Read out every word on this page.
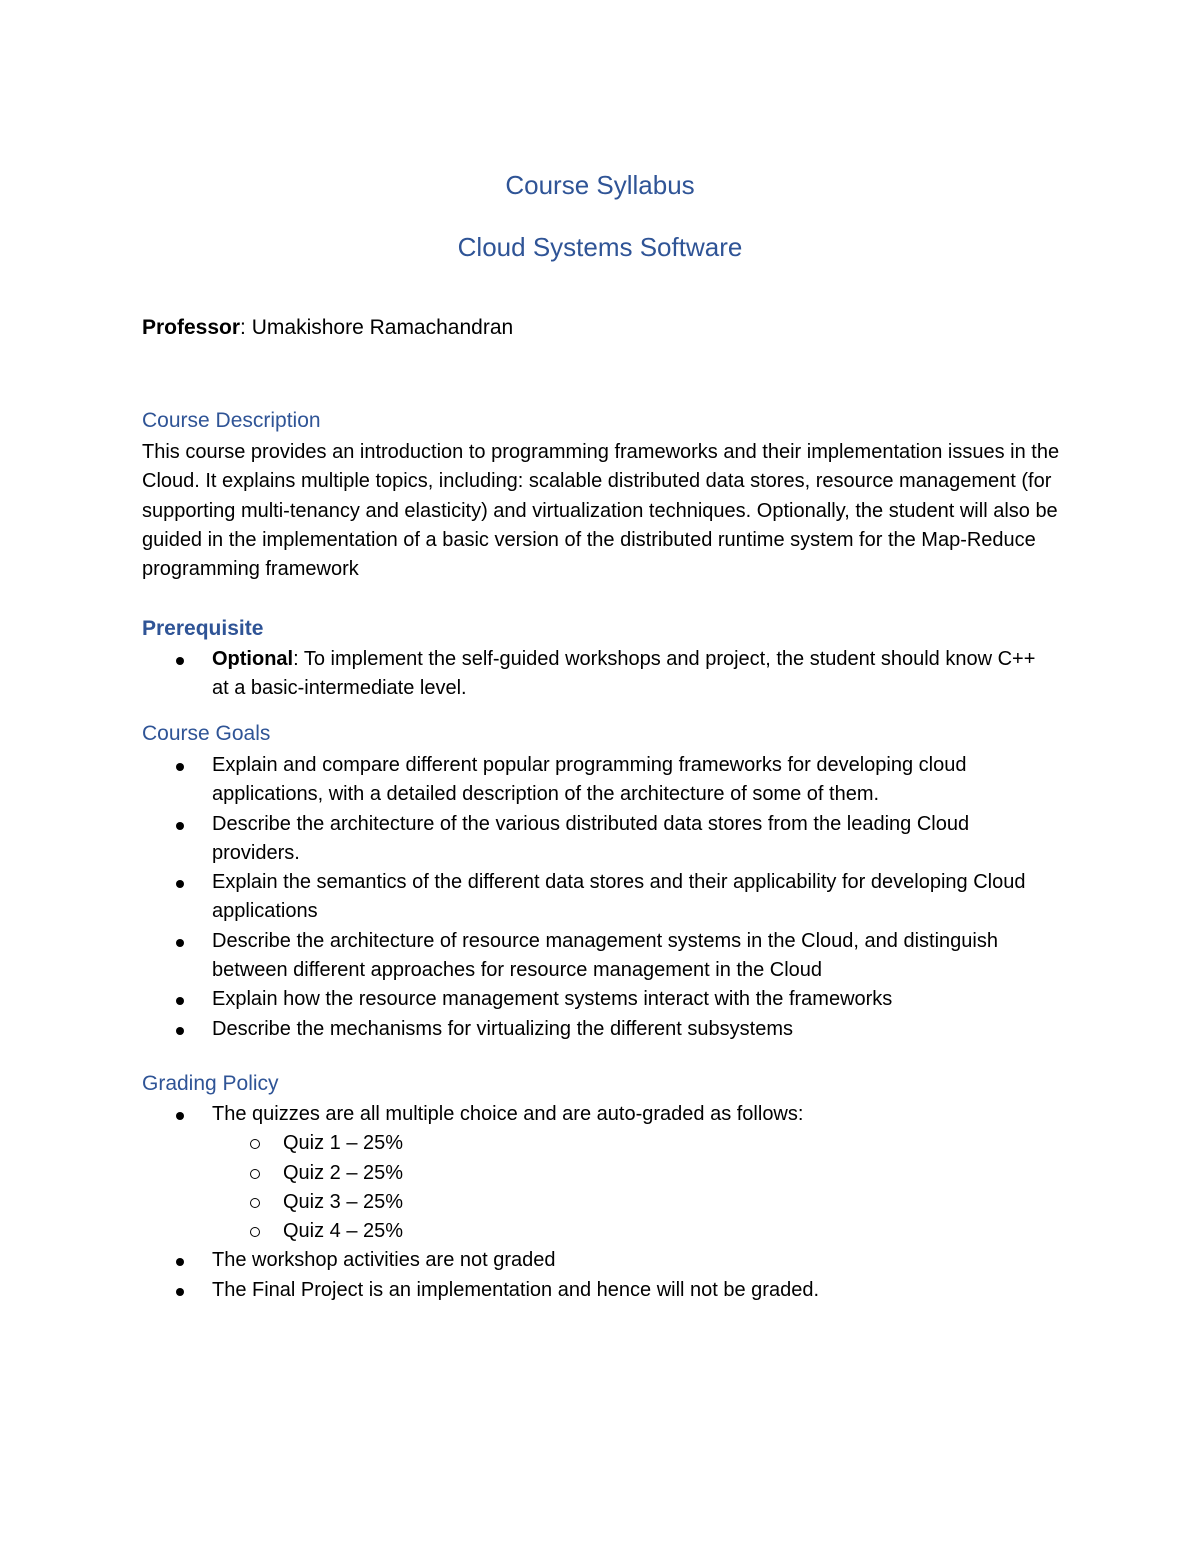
Course Syllabus
Cloud Systems Software

Professor: Umakishore Ramachandran

Course Description

This course provides an introduction to programming frameworks and their implementation issues in the Cloud. It explains multiple topics, including: scalable distributed data stores, resource management (for supporting multi-tenancy and elasticity) and virtualization techniques. Optionally, the student will also be guided in the implementation of a basic version of the distributed runtime system for the Map-Reduce programming framework

Prerequisite
Optional: To implement the self-guided workshops and project, the student should know C++ at a basic-intermediate level.
Course Goals
Explain and compare different popular programming frameworks for developing cloud applications, with a detailed description of the architecture of some of them.
Describe the architecture of the various distributed data stores from the leading Cloud providers.
Explain the semantics of the different data stores and their applicability for developing Cloud applications
Describe the architecture of resource management systems in the Cloud, and distinguish between different approaches for resource management in the Cloud
Explain how the resource management systems interact with the frameworks
Describe the mechanisms for virtualizing the different subsystems
Grading Policy
The quizzes are all multiple choice and are auto-graded as follows:
Quiz 1 – 25%
Quiz 2 – 25%
Quiz 3 – 25%
Quiz 4 – 25%
The workshop activities are not graded
The Final Project is an implementation and hence will not be graded.
